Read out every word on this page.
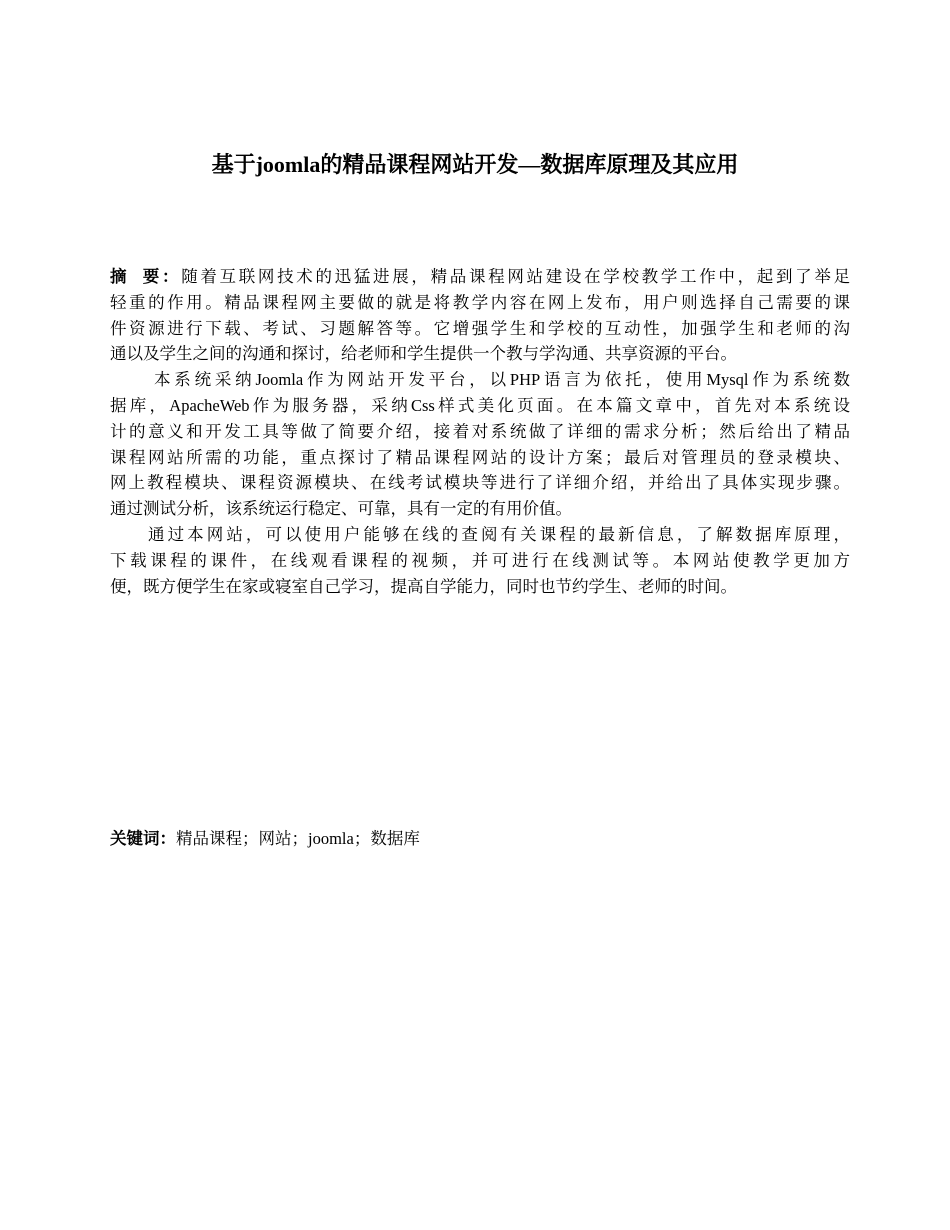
基于joomla的精品课程网站开发—数据库原理及其应用
摘  要：随着互联网技术的迅猛进展，精品课程网站建设在学校教学工作中，起到了举足
轻重的作用。精品课程网主要做的就是将教学内容在网上发布，用户则选择自己需要的课
件资源进行下载、考试、习题解答等。它增强学生和学校的互动性，加强学生和老师的沟
通以及学生之间的沟通和探讨，给老师和学生提供一个教与学沟通、共享资源的平台。
本系统采纳Joomla作为网站开发平台，以PHP语言为依托，使用Mysql作为系统数
据库，ApacheWeb作为服务器，采纳Css样式美化页面。在本篇文章中，首先对本系统设
计的意义和开发工具等做了简要介绍，接着对系统做了详细的需求分析；然后给出了精品
课程网站所需的功能，重点探讨了精品课程网站的设计方案；最后对管理员的登录模块、
网上教程模块、课程资源模块、在线考试模块等进行了详细介绍，并给出了具体实现步骤。
通过测试分析，该系统运行稳定、可靠，具有一定的有用价值。
通过本网站，可以使用户能够在线的查阅有关课程的最新信息，了解数据库原理，
下载课程的课件，在线观看课程的视频，并可进行在线测试等。本网站使教学更加方
便，既方便学生在家或寝室自己学习，提高自学能力，同时也节约学生、老师的时间。
关键词：精品课程；网站；joomla；数据库
